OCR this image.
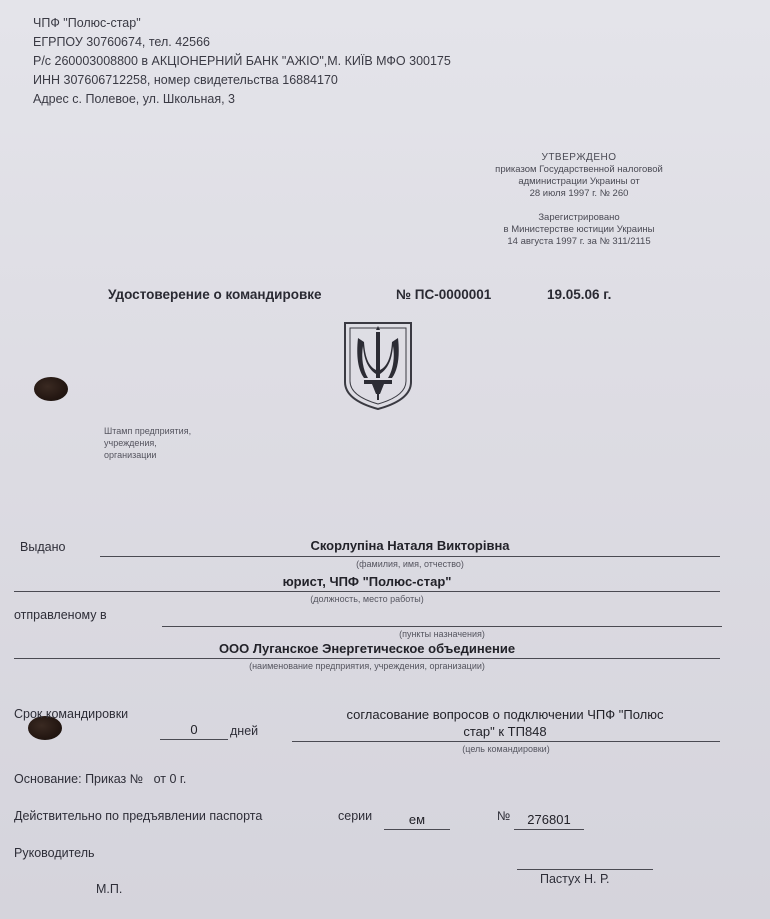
ЧПФ "Полюс-стар"
ЕГРПОУ 30760674, тел. 42566
Р/с 260003008800 в АКЦІОНЕРНИЙ БАНК "АЖІО",М. КИЇВ МФО 300175
ИНН 307606712258, номер свидетельства 16884170
Адрес с. Полевое, ул. Школьная, 3
УТВЕРЖДЕНО
приказом Государственной налоговой
администрации Украины от
28 июля 1997 г. № 260
Зарегистрировано
в Министерстве юстиции Украины
14 августа 1997 г. за № 311/2115
Удостоверение о командировке	№ ПС-0000001	19.05.06 г.
Штамп предприятия,
учреждения,
организации
Выдано	Скорлупіна Наталя Викторівна
(фамилия, имя, отчество)
юрист, ЧПФ "Полюс-стар"
(должность, место работы)
отправленому в
(пункты назначения)
ООО Луганское Энергетическое объединение
(наименование предприятия, учреждения, организации)
Срок командировки
0	дней
согласование вопросов о подключении ЧПФ "Полюс
стар" к ТП848
(цель командировки)
Основание: Приказ №   от 0 г.
Действительно по предъявлении паспорта	серии	ем	№	276801
Руководитель
Пастух Н. Р.
М.П.
